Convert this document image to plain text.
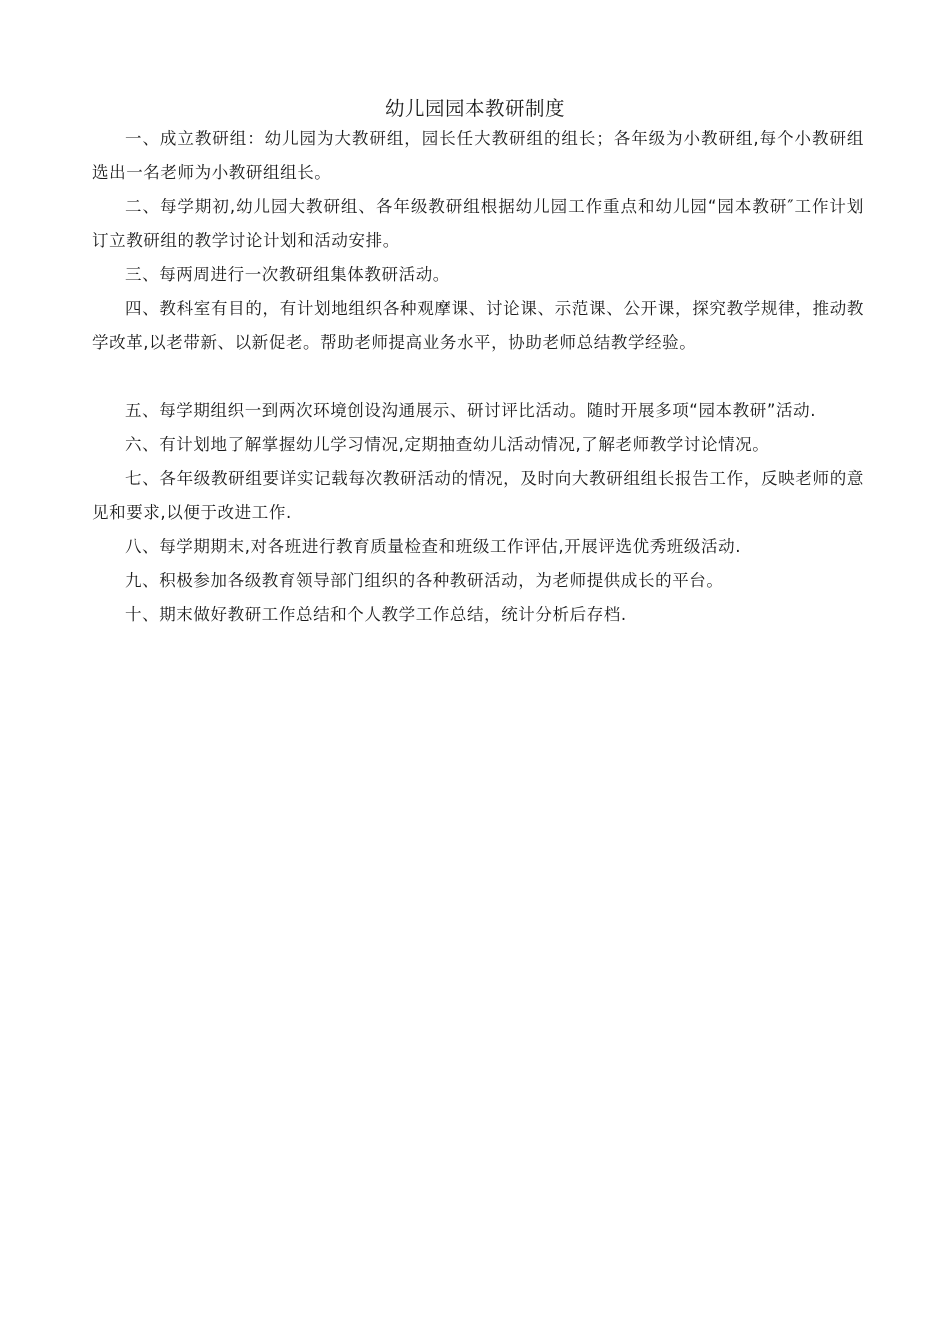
幼儿园园本教研制度

一、成立教研组：幼儿园为大教研组，园长任大教研组的组长；各年级为小教研组,每个小教研组选出一名老师为小教研组组长。

二、每学期初,幼儿园大教研组、各年级教研组根据幼儿园工作重点和幼儿园“园本教研″工作计划订立教研组的教学讨论计划和活动安排。

三、每两周进行一次教研组集体教研活动。

四、教科室有目的，有计划地组织各种观摩课、讨论课、示范课、公开课，探究教学规律，推动教学改革,以老带新、以新促老。帮助老师提高业务水平，协助老师总结教学经验。

五、每学期组织一到两次环境创设沟通展示、研讨评比活动。随时开展多项“园本教研”活动.

六、有计划地了解掌握幼儿学习情况,定期抽查幼儿活动情况,了解老师教学讨论情况。

七、各年级教研组要详实记载每次教研活动的情况，及时向大教研组组长报告工作，反映老师的意见和要求,以便于改进工作.

八、每学期期末,对各班进行教育质量检查和班级工作评估,开展评选优秀班级活动.

九、积极参加各级教育领导部门组织的各种教研活动，为老师提供成长的平台。

十、期末做好教研工作总结和个人教学工作总结，统计分析后存档.
